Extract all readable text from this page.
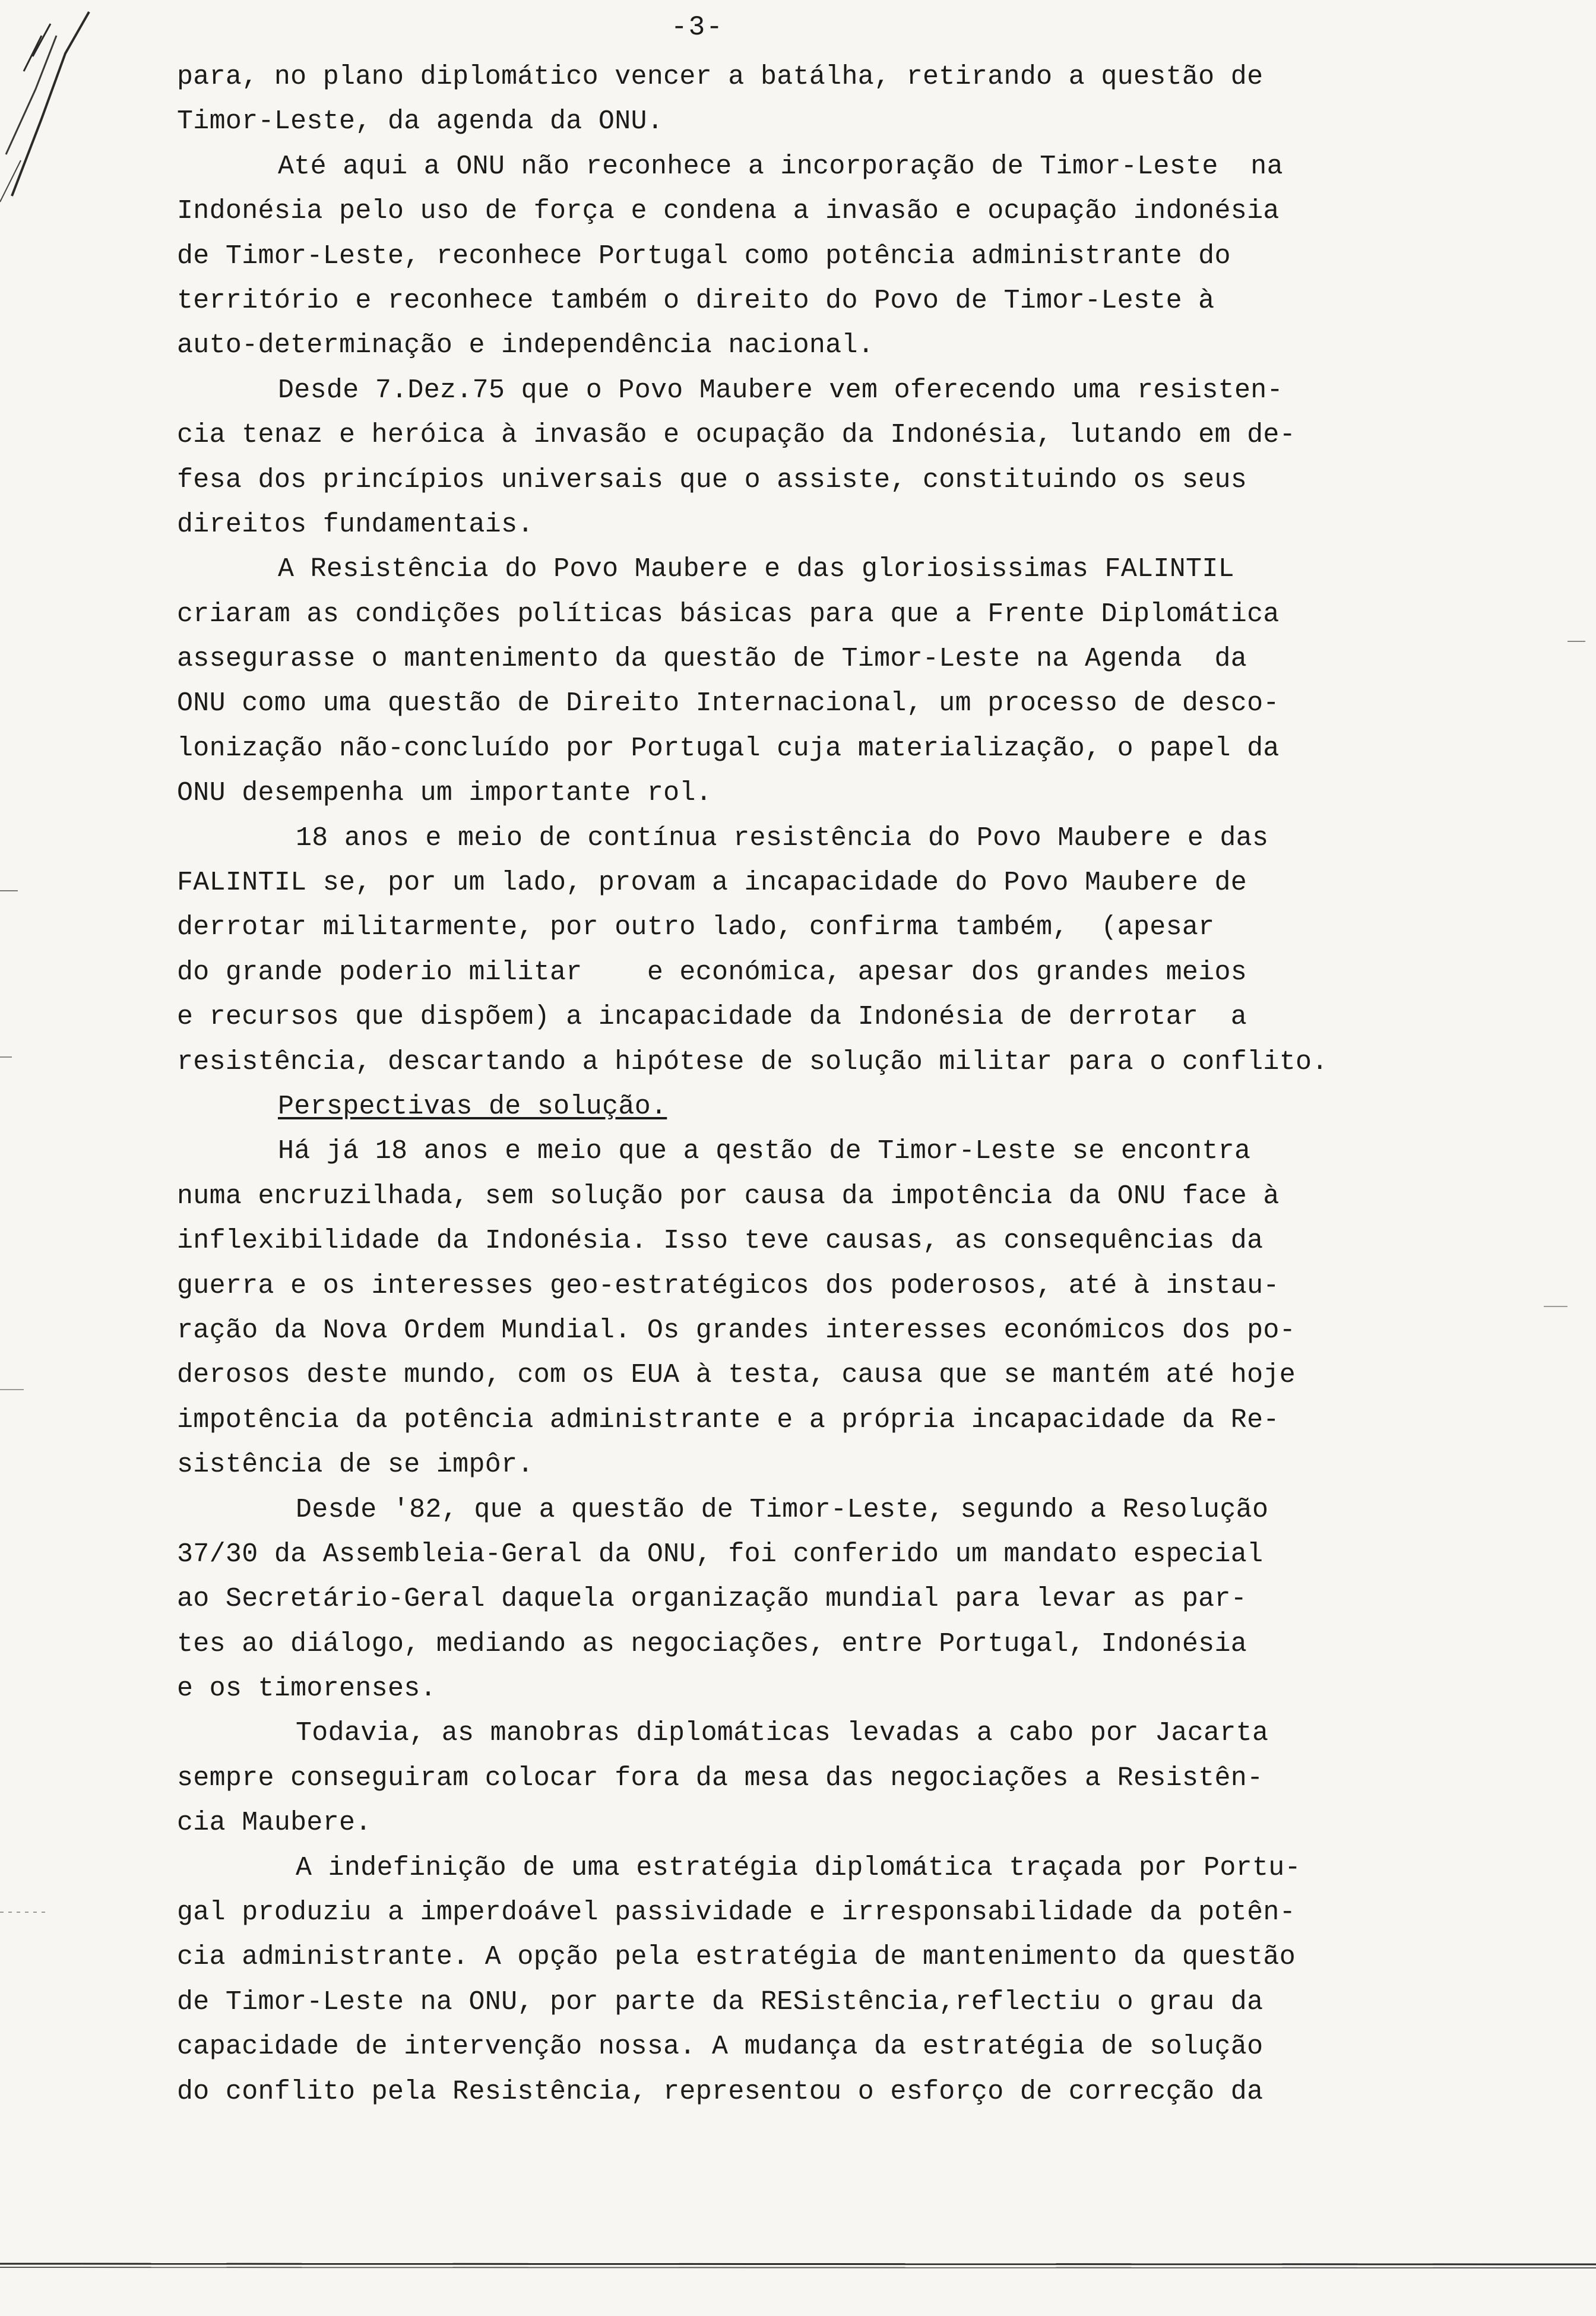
-3-
para, no plano diplomático vencer a batálha, retirando a questão de
Timor-Leste, da agenda da ONU.
Até aqui a ONU não reconhece a incorporação de Timor-Leste  na
Indonésia pelo uso de força e condena a invasão e ocupação indonésia
de Timor-Leste, reconhece Portugal como potência administrante do
território e reconhece também o direito do Povo de Timor-Leste à
auto-determinação e independência nacional.
Desde 7.Dez.75 que o Povo Maubere vem oferecendo uma resisten-
cia tenaz e heróica à invasão e ocupação da Indonésia, lutando em de-
fesa dos princípios universais que o assiste, constituindo os seus
direitos fundamentais.
A Resistência do Povo Maubere e das gloriosissimas FALINTIL
criaram as condições políticas básicas para que a Frente Diplomática
assegurasse o mantenimento da questão de Timor-Leste na Agenda  da
ONU como uma questão de Direito Internacional, um processo de desco-
lonização não-concluído por Portugal cuja materialização, o papel da
ONU desempenha um importante rol.
18 anos e meio de contínua resistência do Povo Maubere e das
FALINTIL se, por um lado, provam a incapacidade do Povo Maubere de
derrotar militarmente, por outro lado, confirma também,  (apesar
do grande poderio militar    e económica, apesar dos grandes meios
e recursos que dispõem) a incapacidade da Indonésia de derrotar  a
resistência, descartando a hipótese de solução militar para o conflito.
Perspectivas de solução.
Há já 18 anos e meio que a qestão de Timor-Leste se encontra
numa encruzilhada, sem solução por causa da impotência da ONU face à
inflexibilidade da Indonésia. Isso teve causas, as consequências da
guerra e os interesses geo-estratégicos dos poderosos, até à instau-
ração da Nova Ordem Mundial. Os grandes interesses económicos dos po-
derosos deste mundo, com os EUA à testa, causa que se mantém até hoje
impotência da potência administrante e a própria incapacidade da Re-
sistência de se impôr.
Desde '82, que a questão de Timor-Leste, segundo a Resolução
37/30 da Assembleia-Geral da ONU, foi conferido um mandato especial
ao Secretário-Geral daquela organização mundial para levar as par-
tes ao diálogo, mediando as negociações, entre Portugal, Indonésia
e os timorenses.
Todavia, as manobras diplomáticas levadas a cabo por Jacarta
sempre conseguiram colocar fora da mesa das negociações a Resistên-
cia Maubere.
A indefinição de uma estratégia diplomática traçada por Portu-
gal produziu a imperdoável passividade e irresponsabilidade da potên-
cia administrante. A opção pela estratégia de mantenimento da questão
de Timor-Leste na ONU, por parte da RESistência,reflectiu o grau da
capacidade de intervenção nossa. A mudança da estratégia de solução
do conflito pela Resistência, representou o esforço de correcção da
